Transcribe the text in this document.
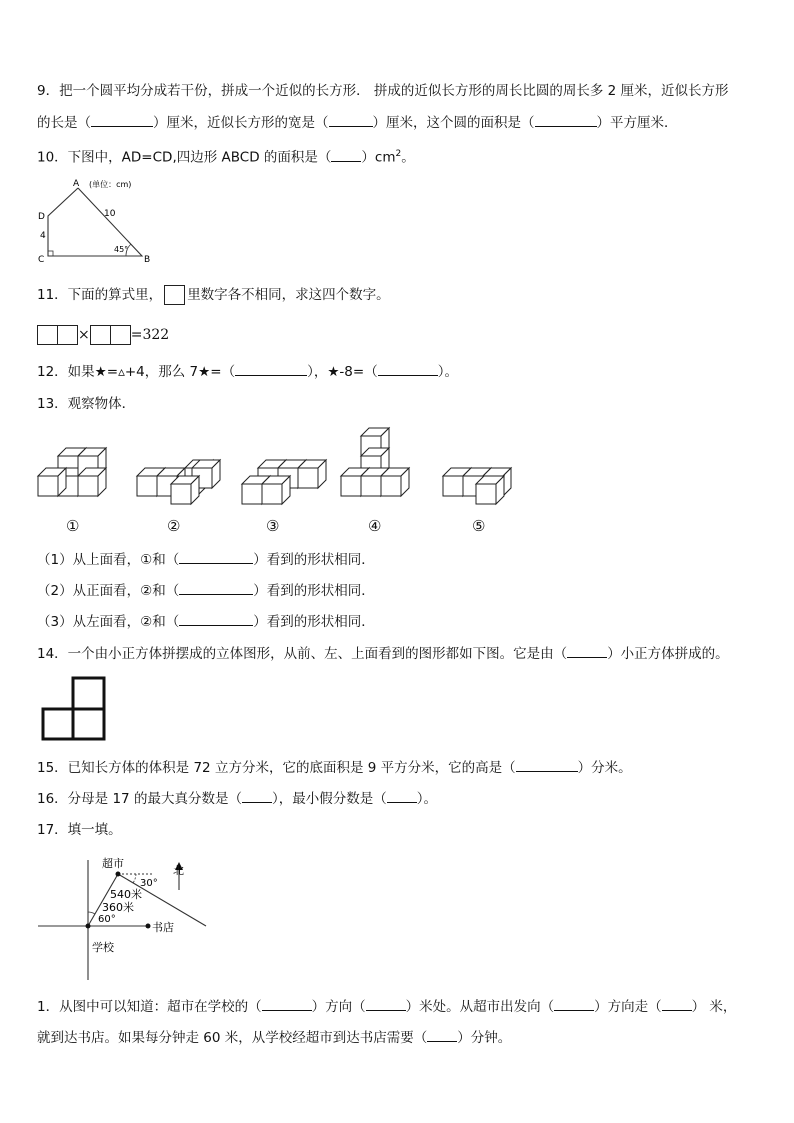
9．把一个圆平均分成若干份，拼成一个近似的长方形． 拼成的近似长方形的周长比圆的周长多 2 厘米，近似长方形
的长是（	）厘米，近似长方形的宽是（	）厘米，这个圆的面积是（	）平方厘米．
10．下图中，AD=CD,四边形 ABCD 的面积是（ ）$cm^2$。
A (单位：cm)
D
4
10
45°
C	B
11．下面的算式里， 里数字各不相同，求这四个数字。
×	=322
12．如果★=▵+4，那么 7★=（	），★-8=（	）。
13．观察物体．
①	②	③	④	⑤
（1）从上面看，①和（	）看到的形状相同．
（2）从正面看，②和（	）看到的形状相同．
（3）从左面看，②和（	）看到的形状相同．
14．一个由小正方体拼摆成的立体图形，从前、左、上面看到的图形都如下图。它是由（	）小正方体拼成的。
15．已知长方体的体积是 72 立方分米，它的底面积是 9 平方分米，它的高是（	）分米。
16．分母是 17 的最大真分数是（ ），最小假分数是（ ）。
17．填一填。
超市
北
30°
540米
360米
60°
书店
学校
1．从图中可以知道：超市在学校的（	）方向（	）米处。从超市出发向（	）方向走（ ） 米，
就到达书店。如果每分钟走 60 米，从学校经超市到达书店需要（ ）分钟。
